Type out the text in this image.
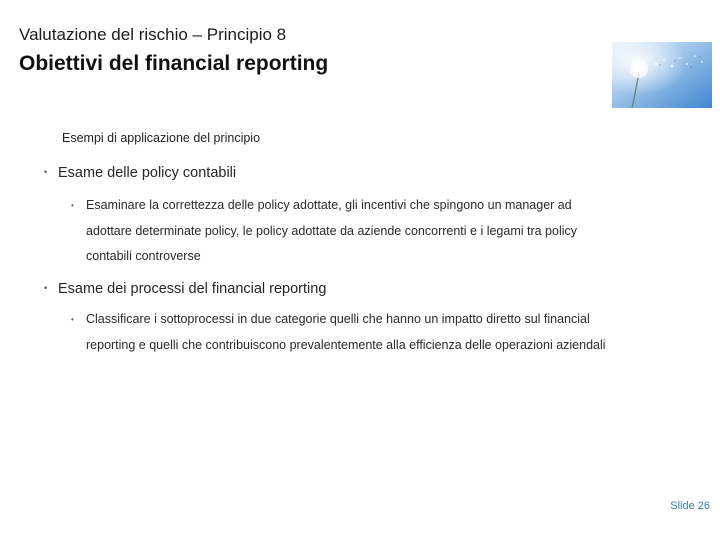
Valutazione del rischio – Principio 8
Obiettivi del financial reporting
Esempi di applicazione del principio
• Esame delle policy contabili
• Esaminare la correttezza delle policy adottate, gli incentivi che spingono un manager ad adottare determinate policy, le policy adottate da aziende concorrenti e i legami tra policy contabili controverse
• Esame dei processi del financial reporting
• Classificare i sottoprocessi in due categorie quelli che hanno un impatto diretto sul financial reporting e quelli che contribuiscono prevalentemente alla efficienza delle operazioni aziendali
Slide 26
